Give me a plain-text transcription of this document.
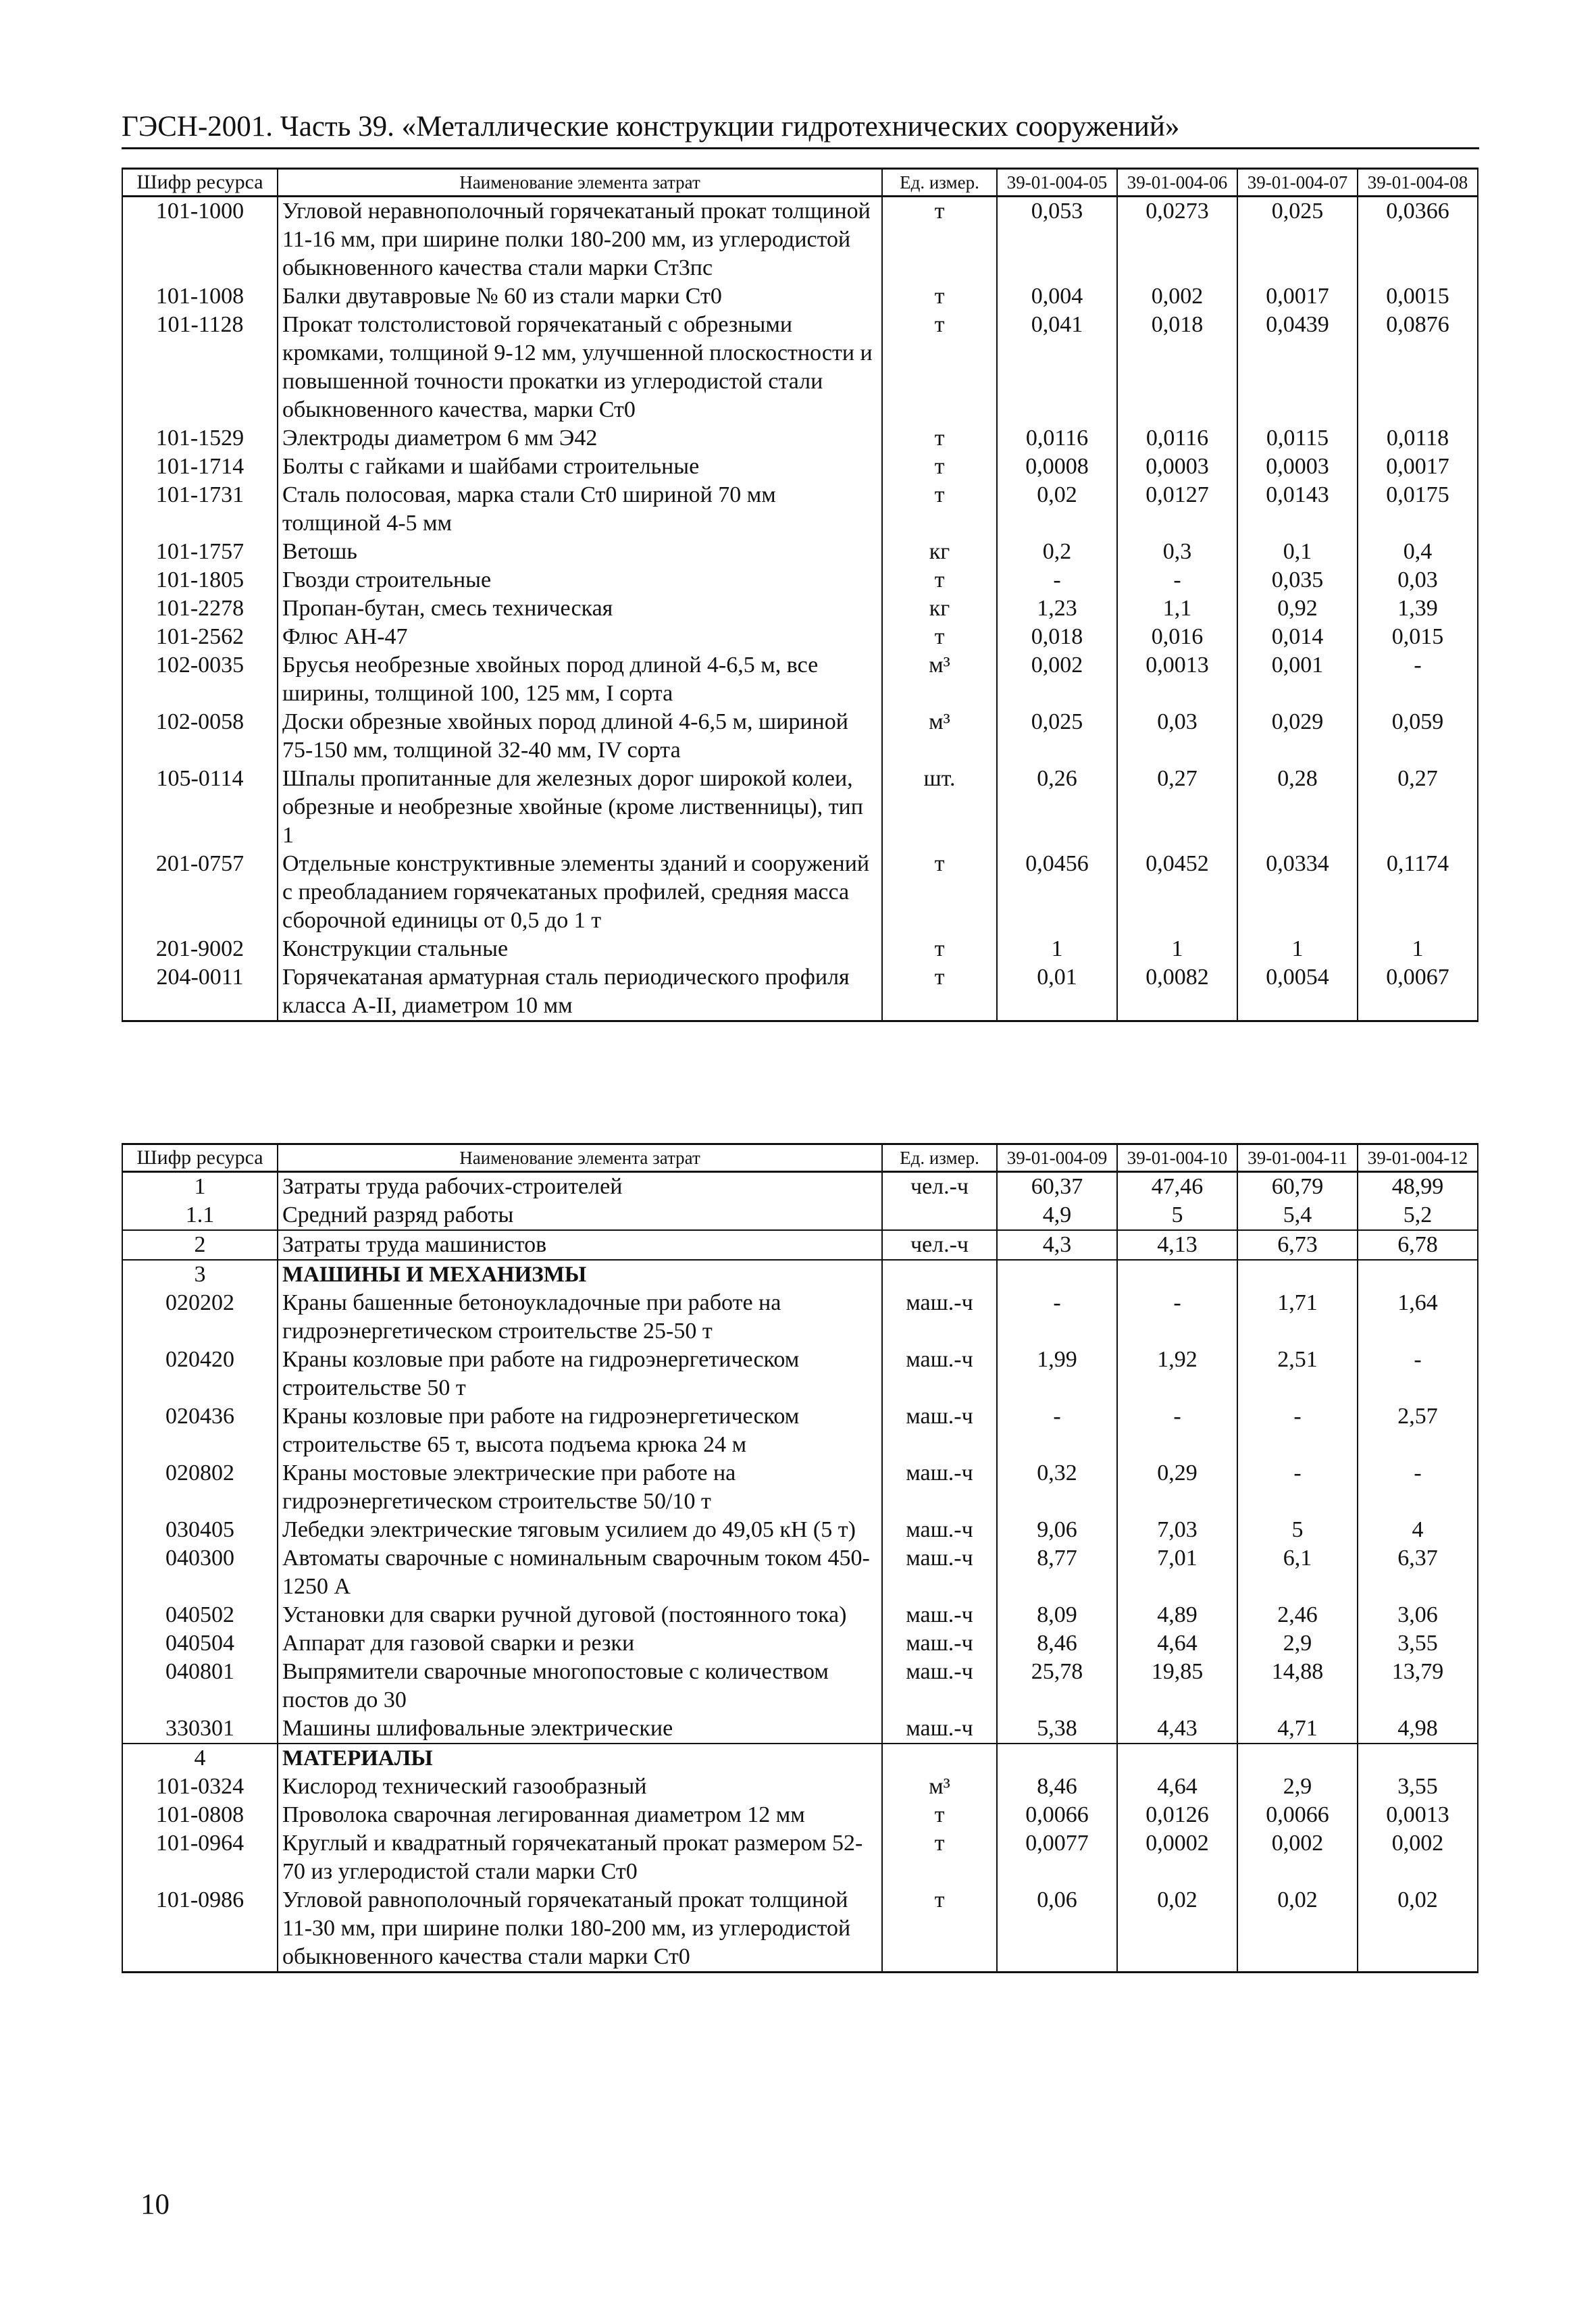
ГЭСН-2001. Часть 39. «Металлические конструкции гидротехнических сооружений»
Шифр ресурса	Наименование элемента затрат	Ед. измер.	39-01-004-05	39-01-004-06	39-01-004-07	39-01-004-08
101-1000	Угловой неравнополочный горячекатаный прокат толщиной 11-16 мм, при ширине полки 180-200 мм, из углеродистой обыкновенного качества стали марки Ст3пс	т	0,053	0,0273	0,025	0,0366
101-1008	Балки двутавровые № 60 из стали марки Ст0	т	0,004	0,002	0,0017	0,0015
101-1128	Прокат толстолистовой горячекатаный с обрезными кромками, толщиной 9-12 мм, улучшенной плоскостности и повышенной точности прокатки из углеродистой стали обыкновенного качества, марки Ст0	т	0,041	0,018	0,0439	0,0876
101-1529	Электроды диаметром 6 мм Э42	т	0,0116	0,0116	0,0115	0,0118
101-1714	Болты с гайками и шайбами строительные	т	0,0008	0,0003	0,0003	0,0017
101-1731	Сталь полосовая, марка стали Ст0 шириной 70 мм толщиной 4-5 мм	т	0,02	0,0127	0,0143	0,0175
101-1757	Ветошь	кг	0,2	0,3	0,1	0,4
101-1805	Гвозди строительные	т	-	-	0,035	0,03
101-2278	Пропан-бутан, смесь техническая	кг	1,23	1,1	0,92	1,39
101-2562	Флюс АН-47	т	0,018	0,016	0,014	0,015
102-0035	Брусья необрезные хвойных пород длиной 4-6,5 м, все ширины, толщиной 100, 125 мм, I сорта	м³	0,002	0,0013	0,001	-
102-0058	Доски обрезные хвойных пород длиной 4-6,5 м, шириной 75-150 мм, толщиной 32-40 мм, IV сорта	м³	0,025	0,03	0,029	0,059
105-0114	Шпалы пропитанные для железных дорог широкой колеи, обрезные и необрезные хвойные (кроме лиственницы), тип 1	шт.	0,26	0,27	0,28	0,27
201-0757	Отдельные конструктивные элементы зданий и сооружений с преобладанием горячекатаных профилей, средняя масса сборочной единицы от 0,5 до 1 т	т	0,0456	0,0452	0,0334	0,1174
201-9002	Конструкции стальные	т	1	1	1	1
204-0011	Горячекатаная арматурная сталь периодического профиля класса А-II, диаметром 10 мм	т	0,01	0,0082	0,0054	0,0067
Шифр ресурса	Наименование элемента затрат	Ед. измер.	39-01-004-09	39-01-004-10	39-01-004-11	39-01-004-12
1	Затраты труда рабочих-строителей	чел.-ч	60,37	47,46	60,79	48,99
1.1	Средний разряд работы		4,9	5	5,4	5,2
2	Затраты труда машинистов	чел.-ч	4,3	4,13	6,73	6,78
3	МАШИНЫ И МЕХАНИЗМЫ					
020202	Краны башенные бетоноукладочные при работе на гидроэнергетическом строительстве 25-50 т	маш.-ч	-	-	1,71	1,64
020420	Краны козловые при работе на гидроэнергетическом строительстве 50 т	маш.-ч	1,99	1,92	2,51	-
020436	Краны козловые при работе на гидроэнергетическом строительстве 65 т, высота подъема крюка 24 м	маш.-ч	-	-	-	2,57
020802	Краны мостовые электрические при работе на гидроэнергетическом строительстве 50/10 т	маш.-ч	0,32	0,29	-	-
030405	Лебедки электрические тяговым усилием до 49,05 кН (5 т)	маш.-ч	9,06	7,03	5	4
040300	Автоматы сварочные с номинальным сварочным током 450-1250 А	маш.-ч	8,77	7,01	6,1	6,37
040502	Установки для сварки ручной дуговой (постоянного тока)	маш.-ч	8,09	4,89	2,46	3,06
040504	Аппарат для газовой сварки и резки	маш.-ч	8,46	4,64	2,9	3,55
040801	Выпрямители сварочные многопостовые с количеством постов до 30	маш.-ч	25,78	19,85	14,88	13,79
330301	Машины шлифовальные электрические	маш.-ч	5,38	4,43	4,71	4,98
4	МАТЕРИАЛЫ					
101-0324	Кислород технический газообразный	м³	8,46	4,64	2,9	3,55
101-0808	Проволока сварочная легированная диаметром 12 мм	т	0,0066	0,0126	0,0066	0,0013
101-0964	Круглый и квадратный горячекатаный прокат размером 52-70 из углеродистой стали марки Ст0	т	0,0077	0,0002	0,002	0,002
101-0986	Угловой равнополочный горячекатаный прокат толщиной 11-30 мм, при ширине полки 180-200 мм, из углеродистой обыкновенного качества стали марки Ст0	т	0,06	0,02	0,02	0,02
10
